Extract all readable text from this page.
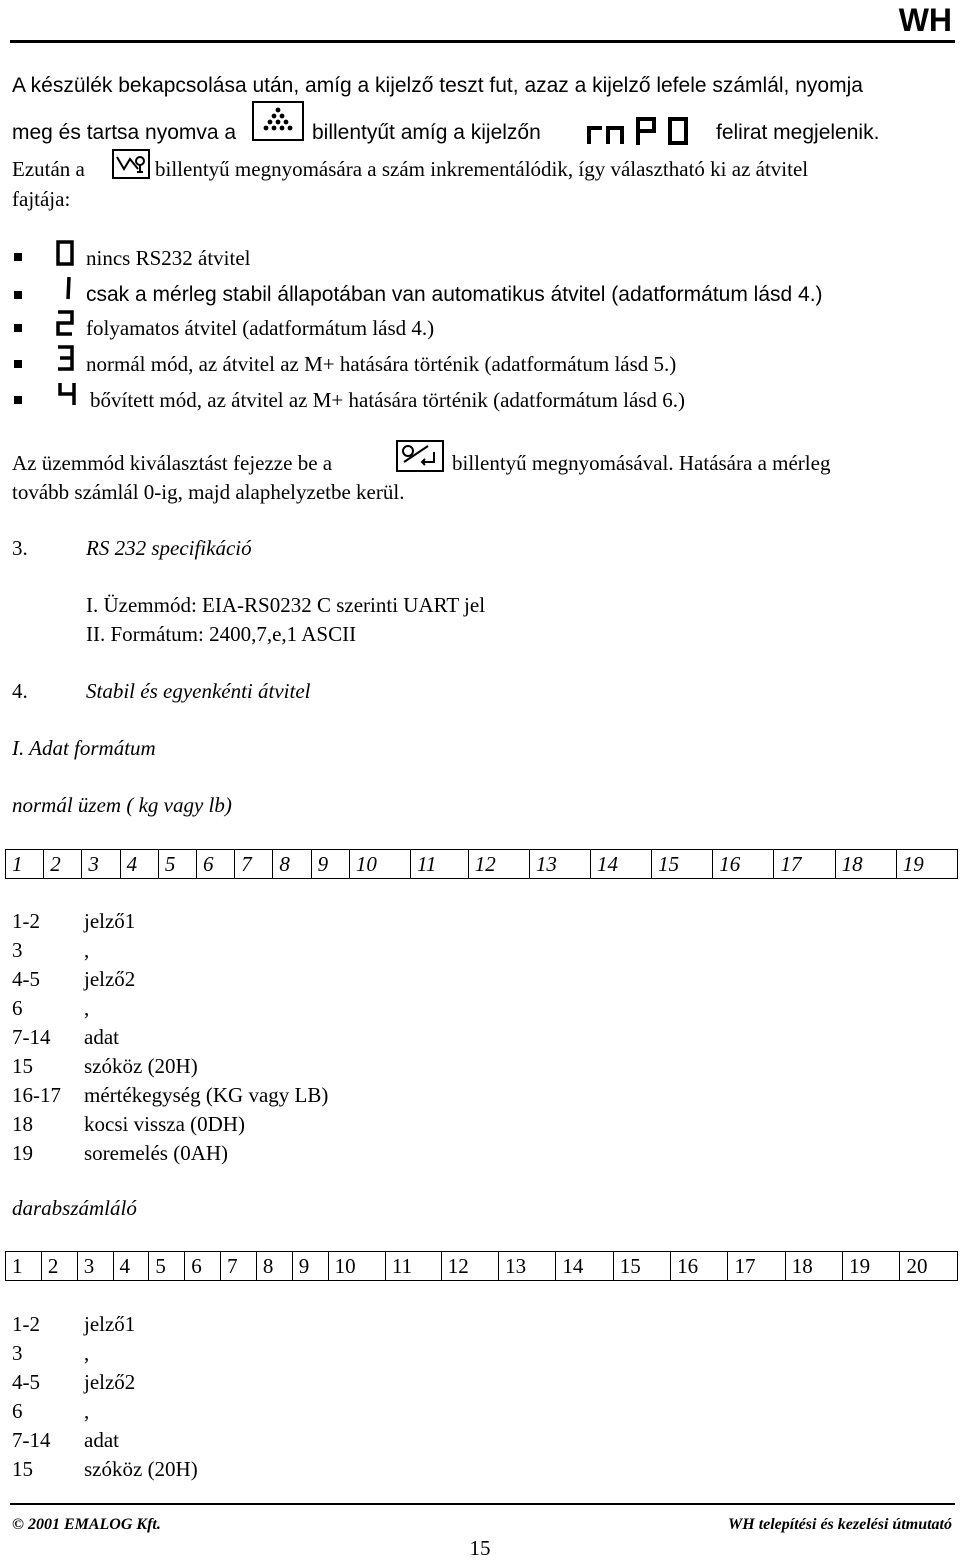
WH
A készülék bekapcsolása után, amíg a kijelző teszt fut, azaz a kijelző lefele számlál, nyomja
meg és tartsa nyomva a	billentyűt amíg a kijelzőn	felirat megjelenik.
Ezután a	billentyű megnyomására a szám inkrementálódik, így választható ki az átvitel
fajtája:
nincs RS232 átvitel
csak a mérleg stabil állapotában van automatikus átvitel (adatformátum lásd 4.)
folyamatos átvitel (adatformátum lásd 4.)
normál mód, az átvitel az M+ hatására történik (adatformátum lásd 5.)
bővített mód, az átvitel az M+ hatására történik (adatformátum lásd 6.)
Az üzemmód kiválasztást fejezze be a	billentyű megnyomásával. Hatására a mérleg
tovább számlál 0-ig, majd alaphelyzetbe kerül.
3.	RS 232 specifikáció
I. Üzemmód: EIA-RS0232 C szerinti UART jel
II. Formátum: 2400,7,e,1 ASCII
4.	Stabil és egyenkénti átvitel
I. Adat formátum
normál üzem ( kg vagy lb)
1	2	3	4	5	6	7	8	9	10	11	12	13	14	15	16	17	18	19
1-2 jelző1
3	,
4-5 jelző2
6	,
7-14 adat
15 szóköz (20H)
16-17 mértékegység (KG vagy LB)
18 kocsi vissza (0DH)
19 soremelés (0AH)
darabszámláló
1	2	3	4	5	6	7	8	9	10	11	12	13	14	15	16	17	18	19	20
1-2 jelző1
3	,
4-5 jelző2
6	,
7-14 adat
15 szóköz (20H)
© 2001 EMALOG Kft.	WH telepítési és kezelési útmutató
15
